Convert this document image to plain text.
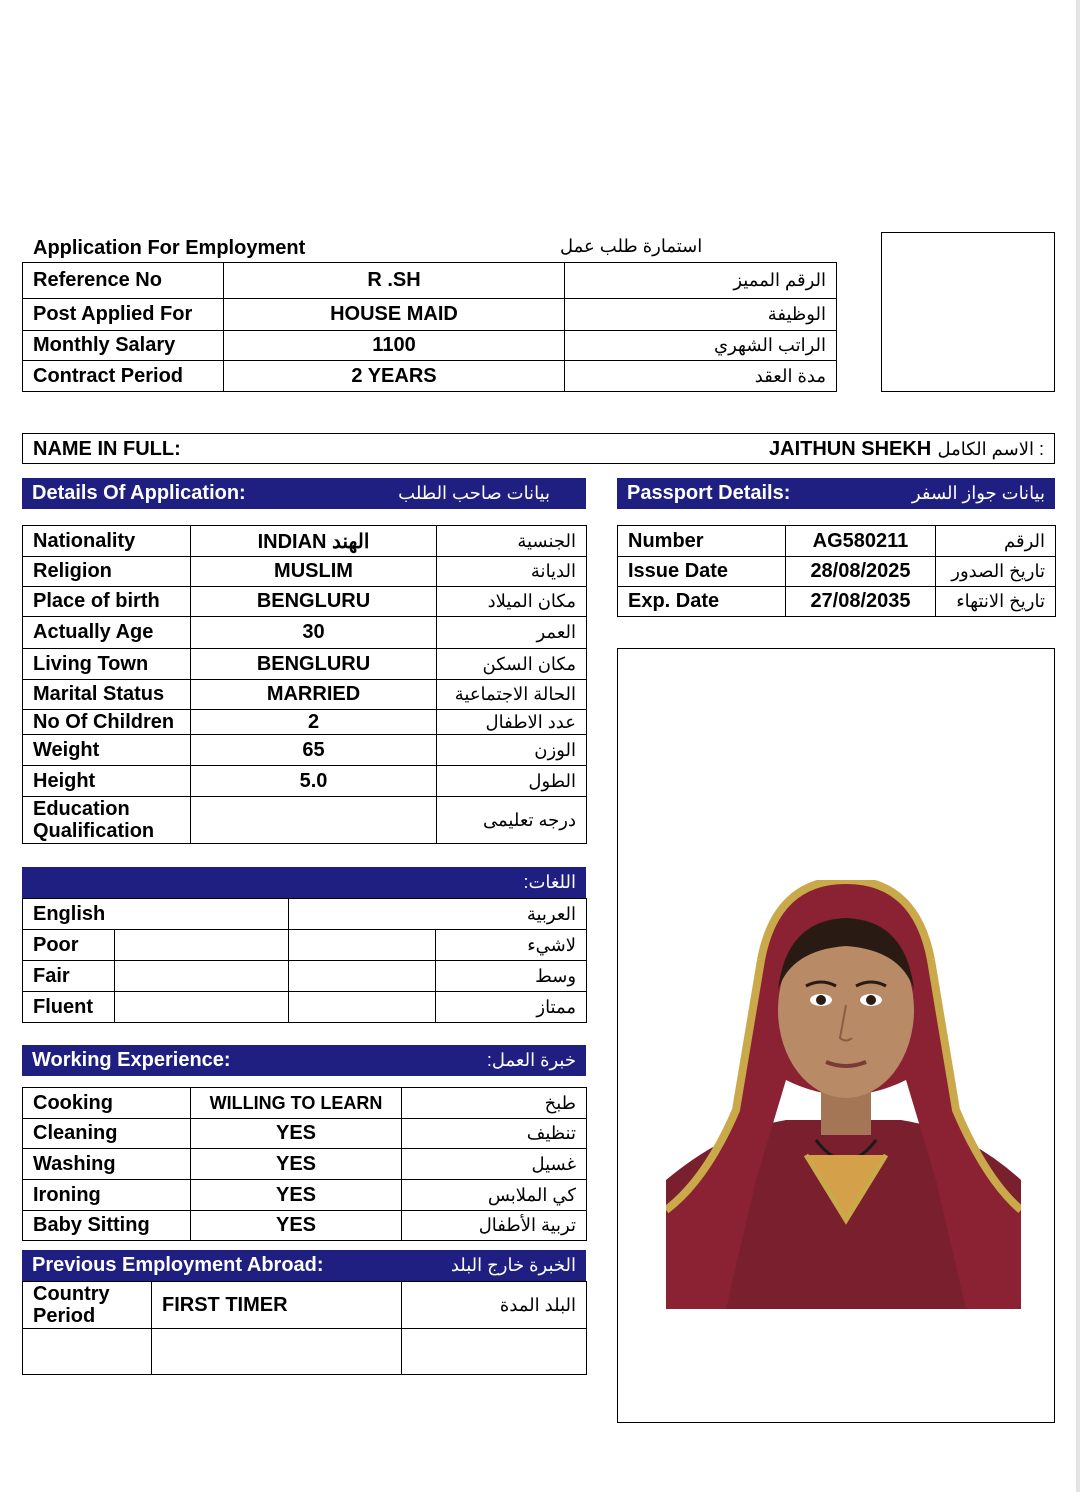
Application For Employment	استمارة طلب عمل
Reference No	R .SH	الرقم المميز
Post Applied For	HOUSE MAID	الوظيفة
Monthly Salary	1100	الراتب الشهري
Contract Period	2 YEARS	مدة العقد
NAME IN FULL:	JAITHUN SHEKH : الاسم الكامل
Details Of Application:	بيانات صاحب الطلب	Passport Details:	بيانات جواز السفر
Nationality	INDIAN الهند	الجنسية
Religion	MUSLIM	الديانة
Place of birth	BENGLURU	مكان الميلاد
Actually Age	30	العمر
Living Town	BENGLURU	مكان السكن
Marital Status	MARRIED	الحالة الاجتماعية
No Of Children	2	عدد الاطفال
Weight	65	الوزن
Height	5.0	الطول

Education
Qualification		درجه تعليمى
Number	AG580211	الرقم
Issue Date	28/08/2025	تاريخ الصدور
Exp. Date	27/08/2035	تاريخ الانتهاء
اللغات:
English		العربية	
Poor			لاشيء
Fair			وسط
Fluent			ممتاز
Working Experience:	خبرة العمل:
Cooking	WILLING TO LEARN	طبخ
Cleaning	YES	تنظيف
Washing	YES	غسيل
Ironing	YES	كي الملابس
Baby Sitting	YES	تربية الأطفال
Previous Employment Abroad:	الخبرة خارج البلد
Country
Period	FIRST TIMER	البلد المدة
